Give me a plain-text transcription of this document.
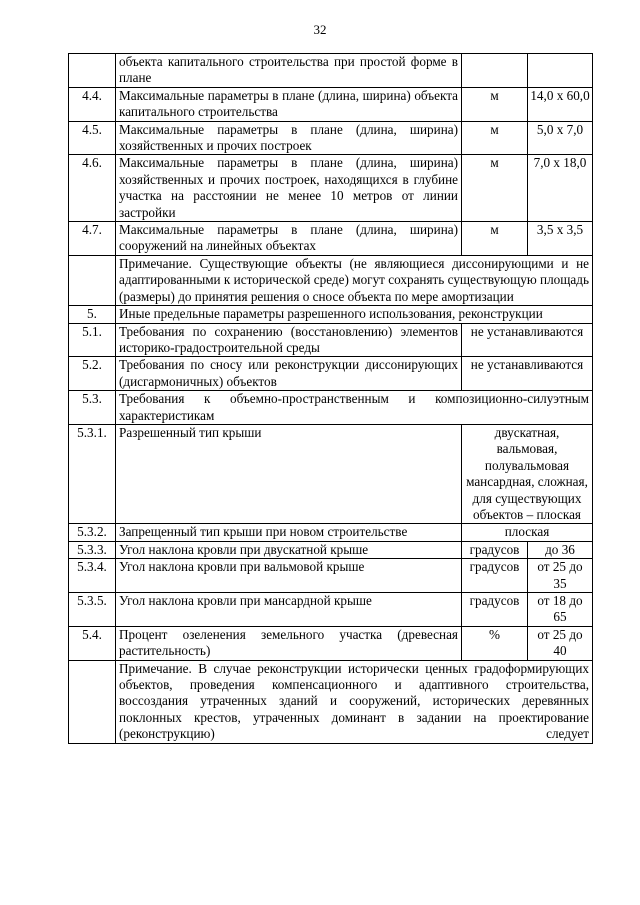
32
	объекта капитального строительства при простой форме в плане		
4.4.	Максимальные параметры в плане (длина, ширина) объекта капитального строительства	м	14,0 х 60,0
4.5.	Максимальные параметры в плане (длина, ширина) хозяйственных и прочих построек	м	5,0 х 7,0
4.6.	Максимальные параметры в плане (длина, ширина) хозяйственных и прочих построек, находящихся в глубине участка на расстоянии не менее 10 метров от линии застройки	м	7,0 х 18,0
4.7.	Максимальные параметры в плане (длина, ширина) сооружений на линейных объектах	м	3,5 х 3,5
	Примечание. Существующие объекты (не являющиеся диссонирующими и не адаптированными к исторической среде) могут сохранять существующую площадь (размеры) до принятия решения о сносе объекта по мере амортизации		
5.	Иные предельные параметры разрешенного использования, реконструкции		
5.1.	Требования по сохранению (восстановлению) элементов историко-градостроительной среды	не устанавливаются	
5.2.	Требования по сносу или реконструкции диссонирующих (дисгармоничных) объектов	не устанавливаются	
5.3.	Требования к объемно-пространственным и композиционно-силуэтным характеристикам		
5.3.1.	Разрешенный тип крыши	двускатная, вальмовая, полувальмовая мансардная, сложная, для существующих объектов – плоская	
5.3.2.	Запрещенный тип крыши при новом строительстве	плоская	
5.3.3.	Угол наклона кровли при двускатной крыше	градусов	до 36
5.3.4.	Угол наклона кровли при вальмовой крыше	градусов	от 25 до 35
5.3.5.	Угол наклона кровли при мансардной крыше	градусов	от 18 до 65
5.4.	Процент озеленения земельного участка (древесная растительность)	%	от 25 до 40
	Примечание. В случае реконструкции исторически ценных градоформирующих объектов, проведения компенсационного и адаптивного строительства, воссоздания утраченных зданий и сооружений, исторических деревянных поклонных крестов, утраченных доминант в задании на проектирование (реконструкцию) следует		
